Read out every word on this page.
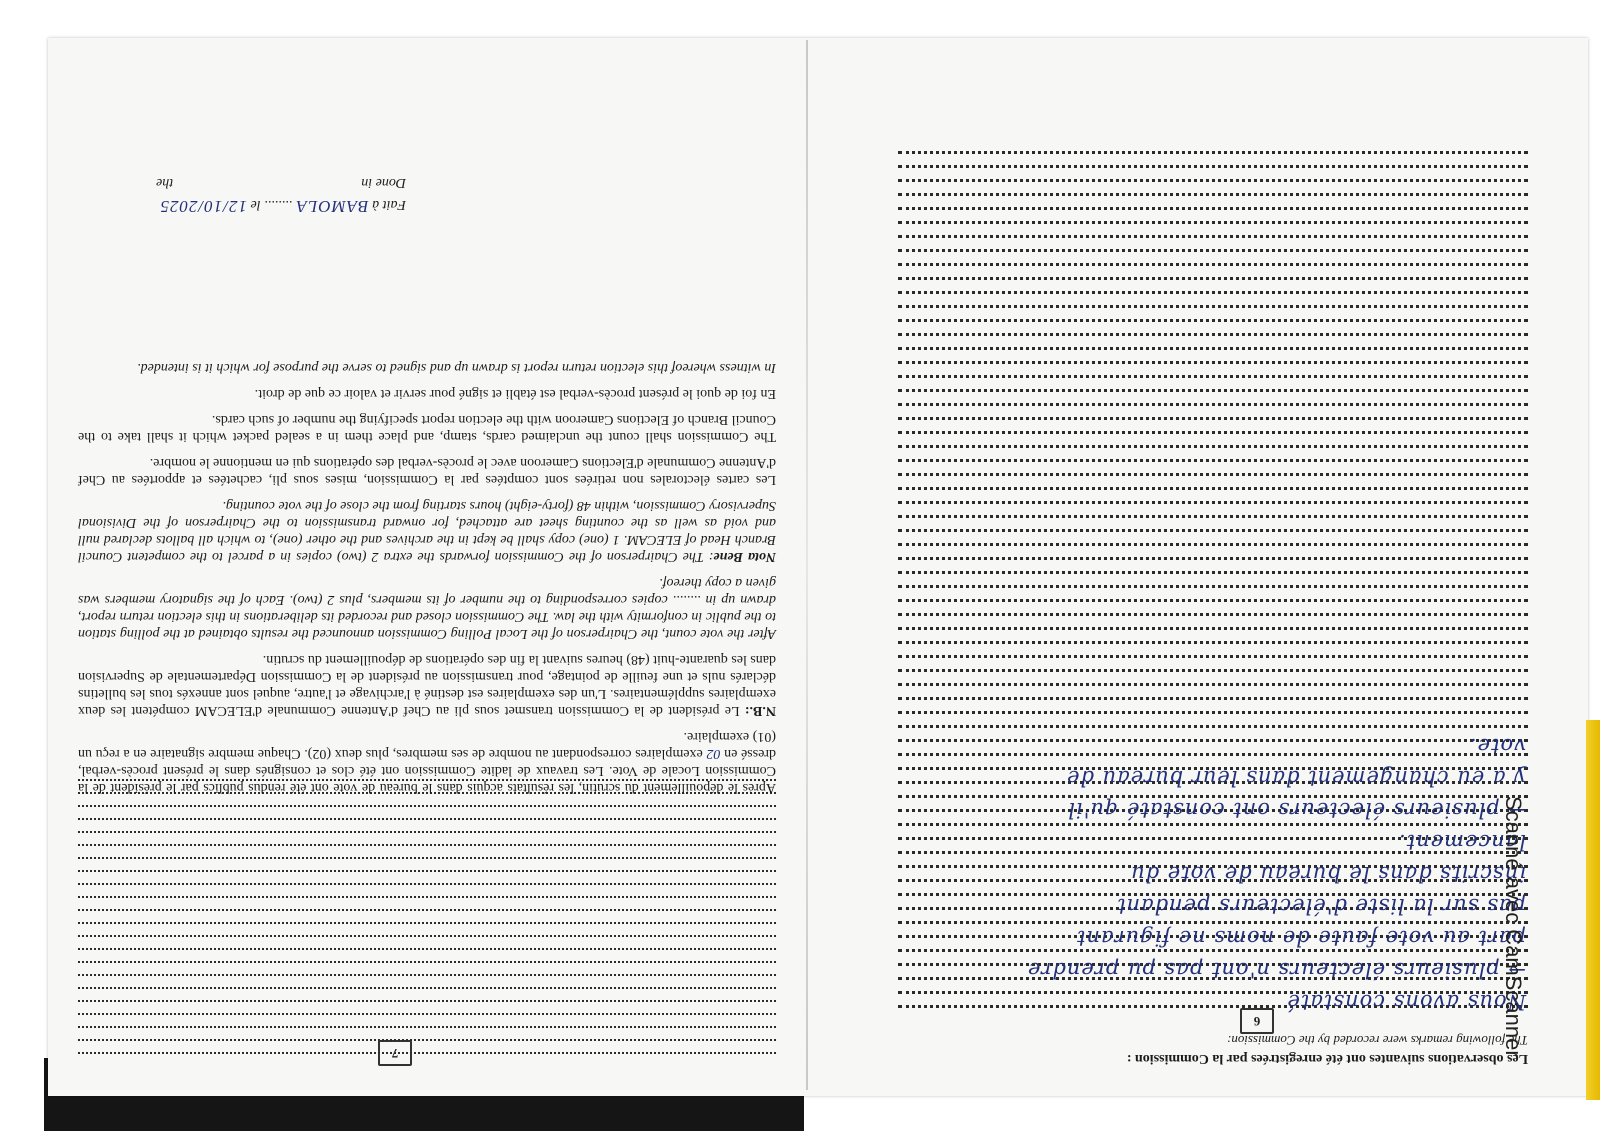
7

Après le dépouillement du scrutin, les résultats acquis dans le bureau de vote ont été rendus publics par le président de la Commission Locale de Vote. Les travaux de ladite Commission ont été clos et consignés dans le présent procès-verbal, dressé en 02 exemplaires correspondant au nombre de ses membres, plus deux (02). Chaque membre signataire en a reçu un (01) exemplaire.

N.B.: Le président de la Commission transmet sous pli au Chef d'Antenne Communale d'ELECAM compétent les deux exemplaires supplémentaires. L'un des exemplaires est destiné à l'archivage et l'autre, auquel sont annexés tous les bulletins déclarés nuls et une feuille de pointage, pour transmission au président de la Commission Départementale de Supervision dans les quarante-huit (48) heures suivant la fin des opérations de dépouillement du scrutin.

After the vote count, the Chairperson of the Local Polling Commission announced the results obtained at the polling station to the public in conformity with the law. The Commission closed and recorded its deliberations in this election return report, drawn up in ........ copies corresponding to the number of its members, plus 2 (two). Each of the signatory members was given a copy thereof.

Nota Bene: The Chairperson of the Commission forwards the extra 2 (two) copies in a parcel to the competent Council Branch Head of ELECAM. 1 (one) copy shall be kept in the archives and the other (one), to which all ballots declared null and void as well as the counting sheet are attached, for onward transmission to the Chairperson of the Divisional Supervisory Commission, within 48 (forty-eight) hours starting from the close of the vote counting.

Les cartes électorales non retirées sont comptées par la Commission, mises sous pli, cachetées et apportées au Chef d'Antenne Communale d'Elections Cameroon avec le procès-verbal des opérations qui en mentionne le nombre.

The Commission shall count the unclaimed cards, stamp, and place them in a sealed packet which it shall take to the Council Branch of Elections Cameroon with the election report specifying the number of such cards.

En foi de quoi le présent procès-verbal est établi et signé pour servir et valoir ce que de droit.

In witness whereof this election return report is drawn up and signed to serve the purpose for which it is intended.

Fait à BAMOLA ........ le 12/10/2025
Done in
the
6
Les observations suivantes ont été enregistrées par la Commission :
The following remarks were recorded by the Commission:
Nous avons constaté
→ plusieurs électeurs n'ont pas pu prendre
part au vote faute de noms ne figurant
pas sur la liste d'électeurs pendant
inscrits dans le bureau de vote du
lancement.
→ plusieurs électeurs ont constaté qu'il
y a eu changement dans leur bureau de
vote.
Scanné avec CamScanner
